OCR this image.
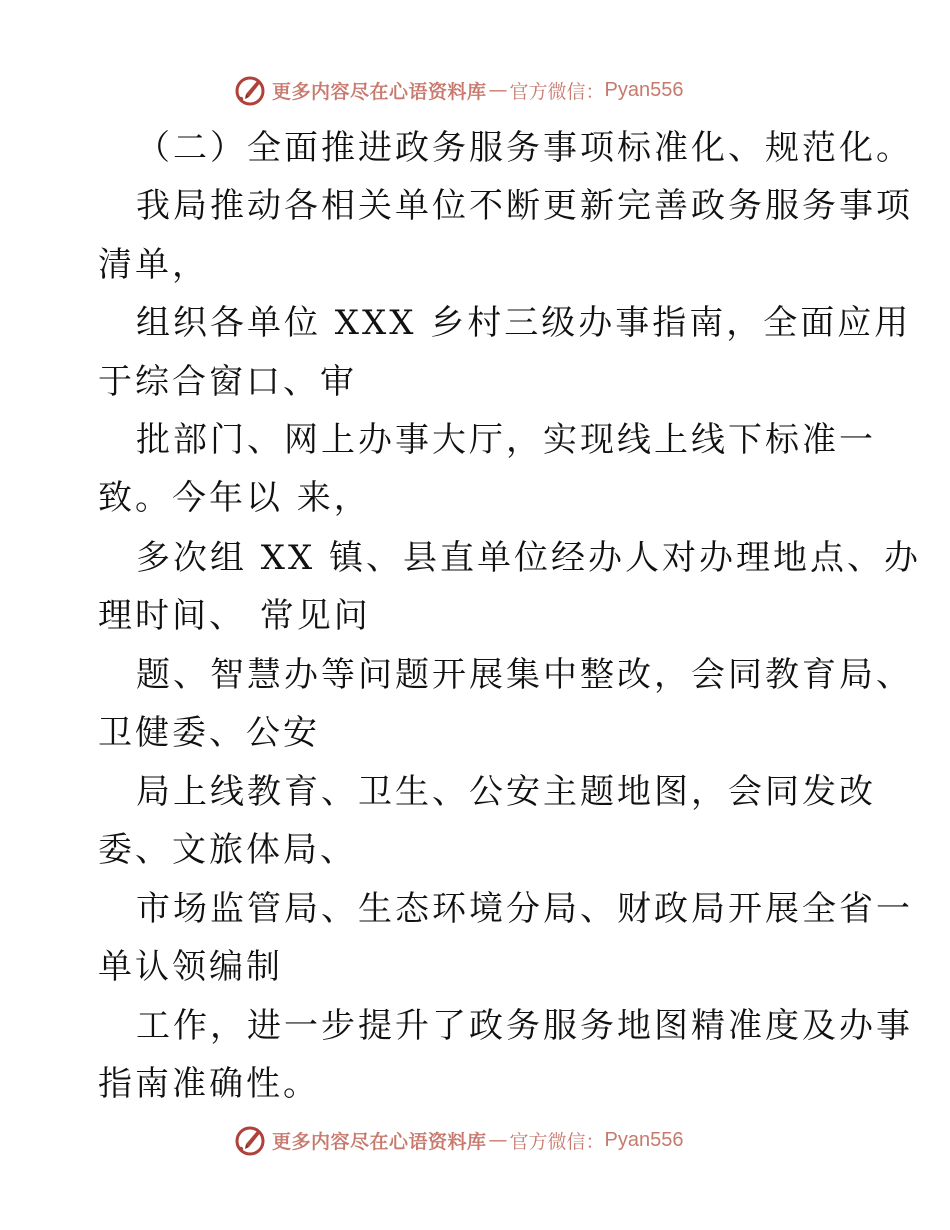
更多内容尽在心语资料库 — 官方微信： Pyan556
（二）全面推进政务服务事项标准化、规范化。
我局推动各相关单位不断更新完善政务服务事项
清单，
组织各单位 XXX 乡村三级办事指南，全面应用
于综合窗口、审
批部门、网上办事大厅，实现线上线下标准一
致。今年以 来，
多次组 XX 镇、县直单位经办人对办理地点、办
理时间、 常见问
题、智慧办等问题开展集中整改，会同教育局、
卫健委、公安
局上线教育、卫生、公安主题地图，会同发改
委、文旅体局、
市场监管局、生态环境分局、财政局开展全省一
单认领编制
工作，进一步提升了政务服务地图精准度及办事
指南准确性。
更多内容尽在心语资料库 — 官方微信： Pyan556
